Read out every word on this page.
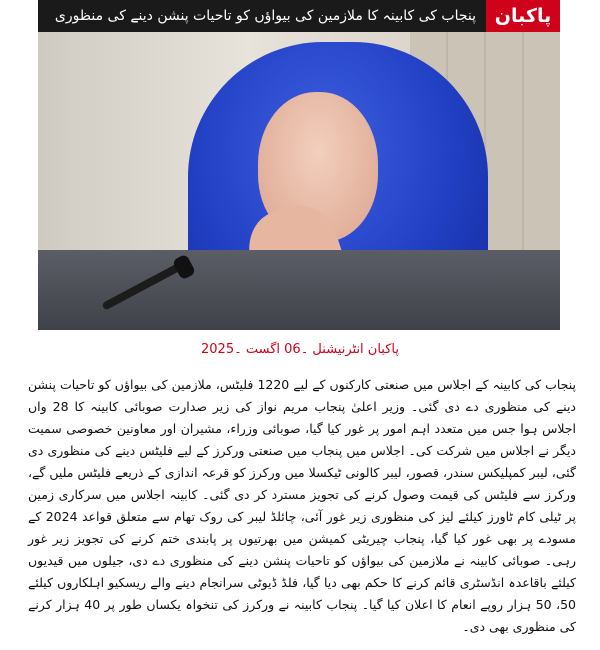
پنجاب کی کابینہ کا ملازمین کی بیواؤں کو تاحیات پنشن دینے کی منظوری پاکبان
پاکبان انٹرنیشنل ۔06 اگست ۔2025

پنجاب کی کابینہ کے اجلاس میں صنعتی کارکنوں کے لیے 1220 فلیٹس، ملازمین کی بیواؤں کو تاحیات پنشن دینے کی منظوری دے دی گئی۔ وزیر اعلیٰ پنجاب مریم نواز کی زیر صدارت صوبائی کابینہ کا 28 واں اجلاس ہوا جس میں متعدد اہم امور پر غور کیا گیا، صوبائی وزراء، مشیران اور معاونین خصوصی سمیت دیگر نے اجلاس میں شرکت کی۔ اجلاس میں پنجاب میں صنعتی ورکرز کے لیے فلیٹس دینے کی منظوری دی گئی، لیبر کمپلیکس سندر، قصور، لیبر کالونی ٹیکسلا میں ورکرز کو قرعہ اندازی کے ذریعے فلیٹس ملیں گے، ورکرز سے فلیٹس کی قیمت وصول کرنے کی تجویز مسترد کر دی گئی۔ کابینہ اجلاس میں سرکاری زمین پر ٹیلی کام ٹاورز کیلئے لیز کی منظوری زیر غور آئی، چائلڈ لیبر کی روک تھام سے متعلق قواعد 2024 کے مسودے پر بھی غور کیا گیا، پنجاب چیریٹی کمیشن میں بھرتیوں پر پابندی ختم کرنے کی تجویز زیر غور رہی۔ صوبائی کابینہ نے ملازمین کی بیواؤں کو تاحیات پنشن دینے کی منظوری دے دی، جیلوں میں قیدیوں کیلئے باقاعدہ انڈسٹری قائم کرنے کا حکم بھی دیا گیا، فلڈ ڈیوٹی سرانجام دینے والے ریسکیو اہلکاروں کیلئے 50، 50 ہزار روپے انعام کا اعلان کیا گیا۔ پنجاب کابینہ نے ورکرز کی تنخواہ یکساں طور پر 40 ہزار کرنے کی منظوری بھی دی۔
